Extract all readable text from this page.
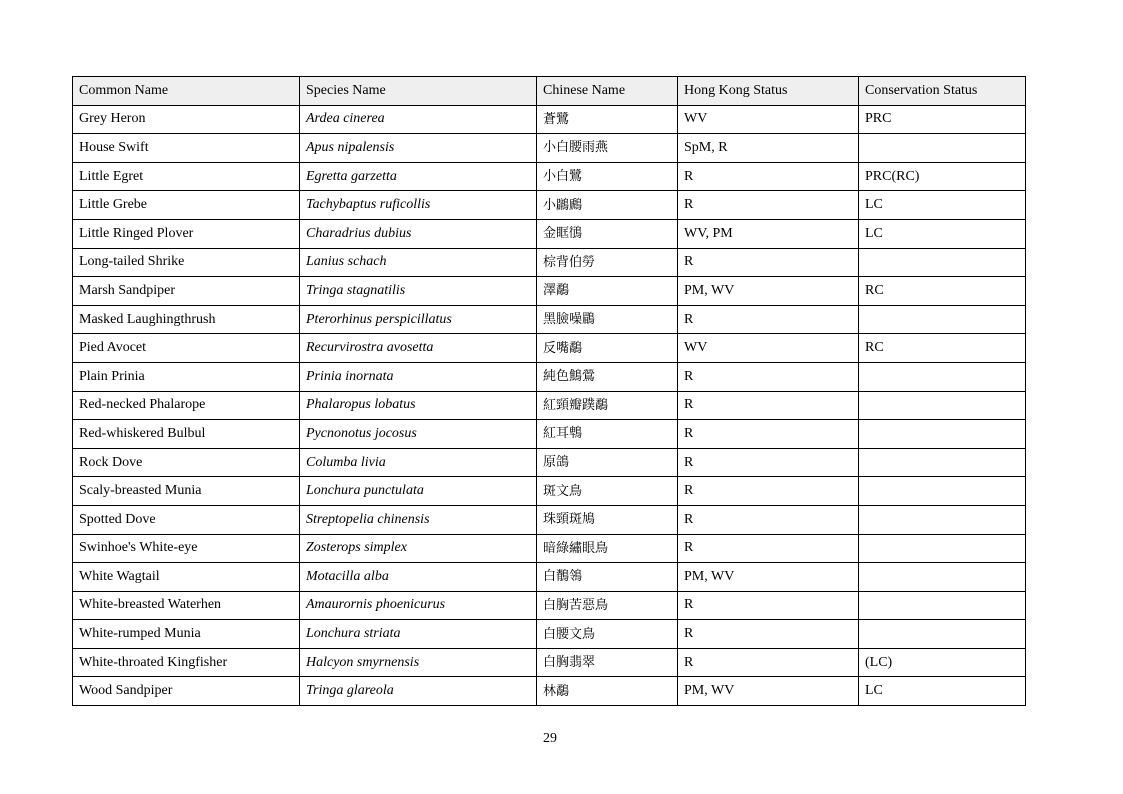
Common Name	Species Name	Chinese Name	Hong Kong Status	Conservation Status
Grey Heron	Ardea cinerea	蒼鷺	WV	PRC
House Swift	Apus nipalensis	小白腰雨燕	SpM, R	
Little Egret	Egretta garzetta	小白鷺	R	PRC(RC)
Little Grebe	Tachybaptus ruficollis	小鸊鷉	R	LC
Little Ringed Plover	Charadrius dubius	金眶鴴	WV, PM	LC
Long-tailed Shrike	Lanius schach	棕背伯勞	R	
Marsh Sandpiper	Tringa stagnatilis	澤鷸	PM, WV	RC
Masked Laughingthrush	Pterorhinus perspicillatus	黑臉噪鶥	R	
Pied Avocet	Recurvirostra avosetta	反嘴鷸	WV	RC
Plain Prinia	Prinia inornata	純色鷦鶯	R	
Red-necked Phalarope	Phalaropus lobatus	紅頸瓣蹼鷸	R	
Red-whiskered Bulbul	Pycnonotus jocosus	紅耳鵯	R	
Rock Dove	Columba livia	原鴿	R	
Scaly-breasted Munia	Lonchura punctulata	斑文鳥	R	
Spotted Dove	Streptopelia chinensis	珠頸斑鳩	R	
Swinhoe's White-eye	Zosterops simplex	暗綠繡眼鳥	R	
White Wagtail	Motacilla alba	白鶺鴒	PM, WV	
White-breasted Waterhen	Amaurornis phoenicurus	白胸苦惡鳥	R	
White-rumped Munia	Lonchura striata	白腰文鳥	R	
White-throated Kingfisher	Halcyon smyrnensis	白胸翡翠	R	(LC)
Wood Sandpiper	Tringa glareola	林鷸	PM, WV	LC
29
